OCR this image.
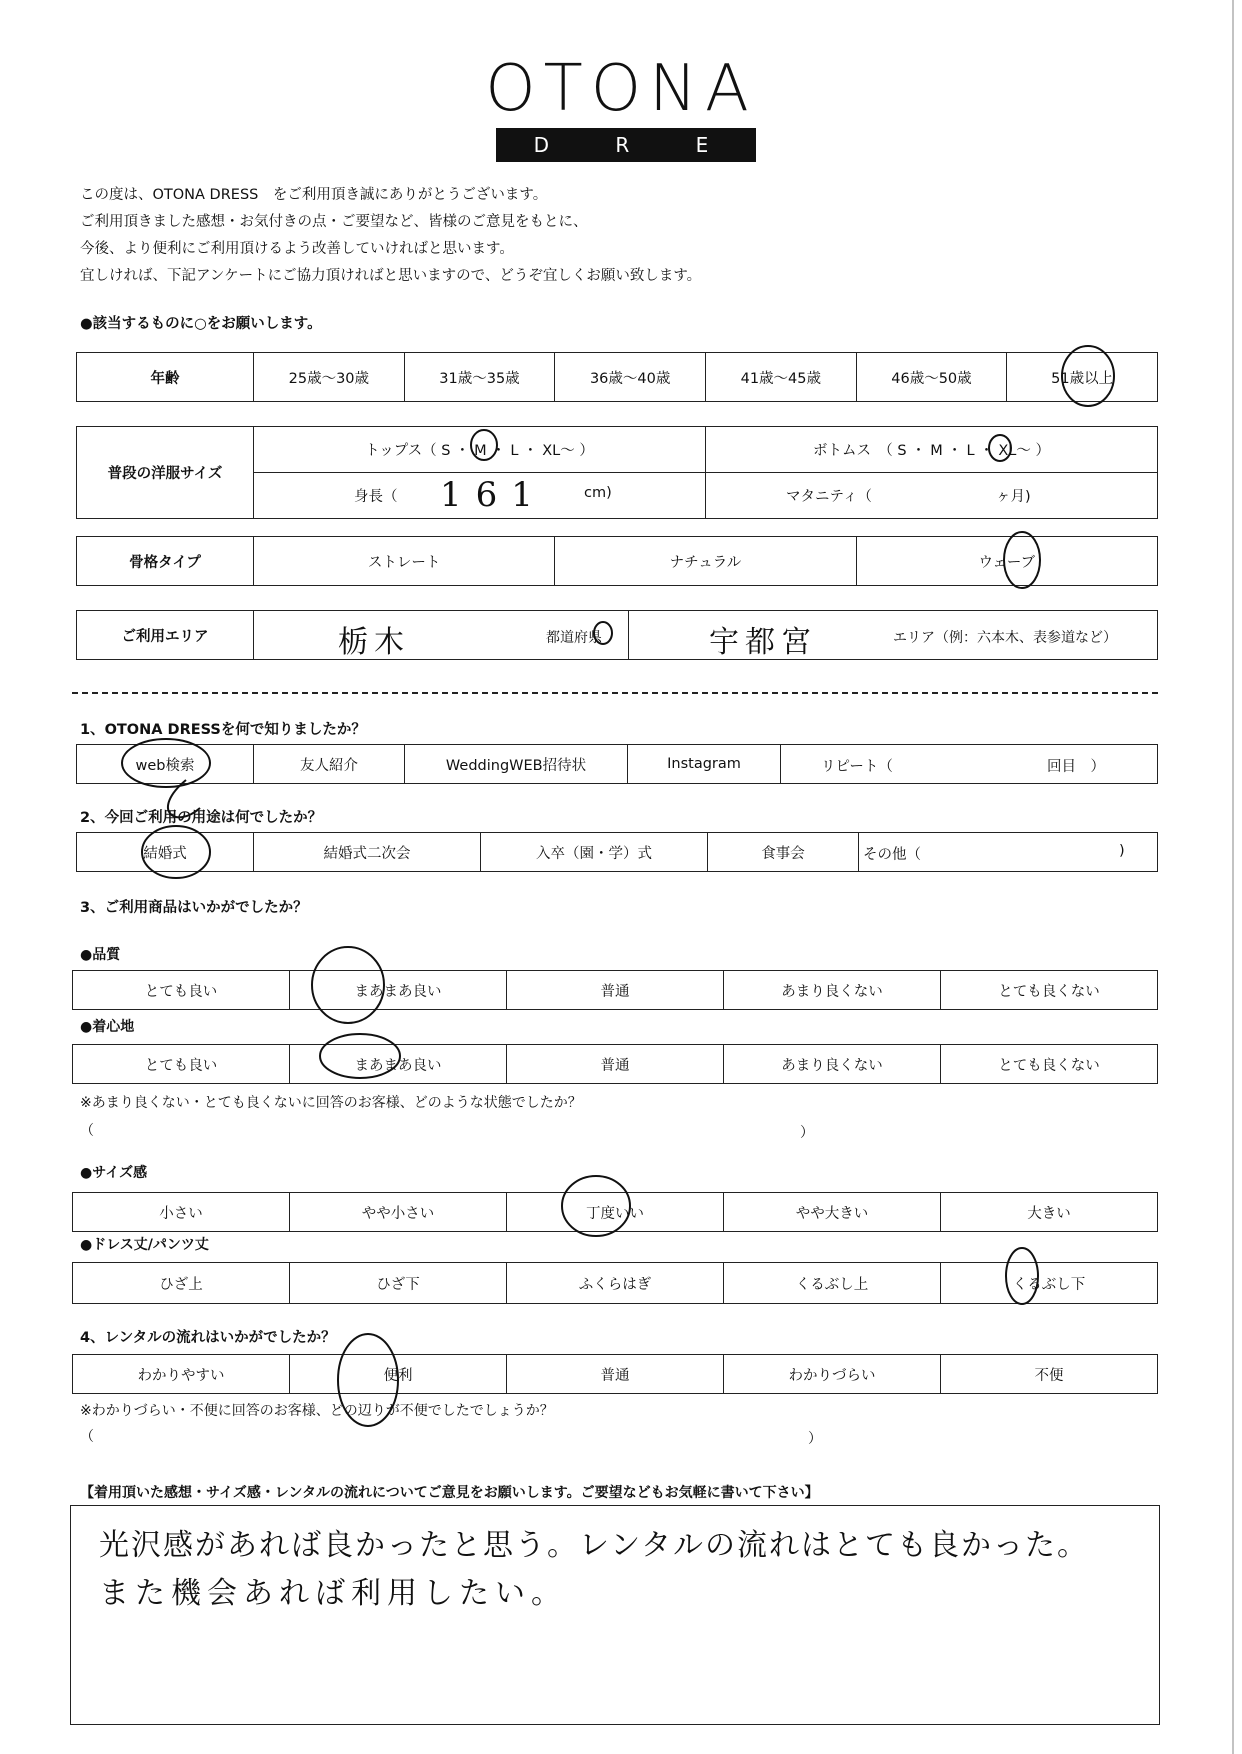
OTONA
D R E S S

この度は、OTONA DRESS　をご利用頂き誠にありがとうございます。

ご利用頂きました感想・お気付きの点・ご要望など、皆様のご意見をもとに、

今後、より便利にご利用頂けるよう改善していければと思います。

宜しければ、下記アンケートにご協力頂ければと思いますので、どうぞ宜しくお願い致します。

●該当するものに○をお願いします。
年齢	25歳～30歳	31歳～35歳	36歳～40歳	41歳～45歳	46歳～50歳	51歳以上
普段の洋服サイズ	トップス（ S ・ M ・ L ・ XL～ ）	ボトムス　（ S ・ M ・ L ・ XL～ ）

	身長（ 161 cm)	マタニティ（ ヶ月)
骨格タイプ	ストレート	ナチュラル	ウェーブ
ご利用エリア	栃木	都道府県	宇都宮	エリア（例：六本木、表参道など）
1、OTONA DRESSを何で知りましたか？
web検索	友人紹介	WeddingWEB招待状	Instagram	リピート（	回目　）
2、今回ご利用の用途は何でしたか？
結婚式	結婚式二次会	入卒（園・学）式	食事会	その他（	)
3、ご利用商品はいかがでしたか？
●品質
とても良い	まあまあ良い	普通	あまり良くない	とても良くない
●着心地
とても良い	まあまあ良い	普通	あまり良くない	とても良くない
※あまり良くない・とても良くないに回答のお客様、どのような状態でしたか？
（	）
●サイズ感
小さい	やや小さい	丁度いい	やや大きい	大きい
●ドレス丈/パンツ丈
ひざ上	ひざ下	ふくらはぎ	くるぶし上	くるぶし下
4、レンタルの流れはいかがでしたか？
わかりやすい	便利	普通	わかりづらい	不便
※わかりづらい・不便に回答のお客様、どの辺りが不便でしたでしょうか？
（	）
【着用頂いた感想・サイズ感・レンタルの流れについてご意見をお願いします。ご要望などもお気軽に書いて下さい】
光沢感があれば良かったと思う。レンタルの流れはとても良かった。
また機会あれば利用したい。
